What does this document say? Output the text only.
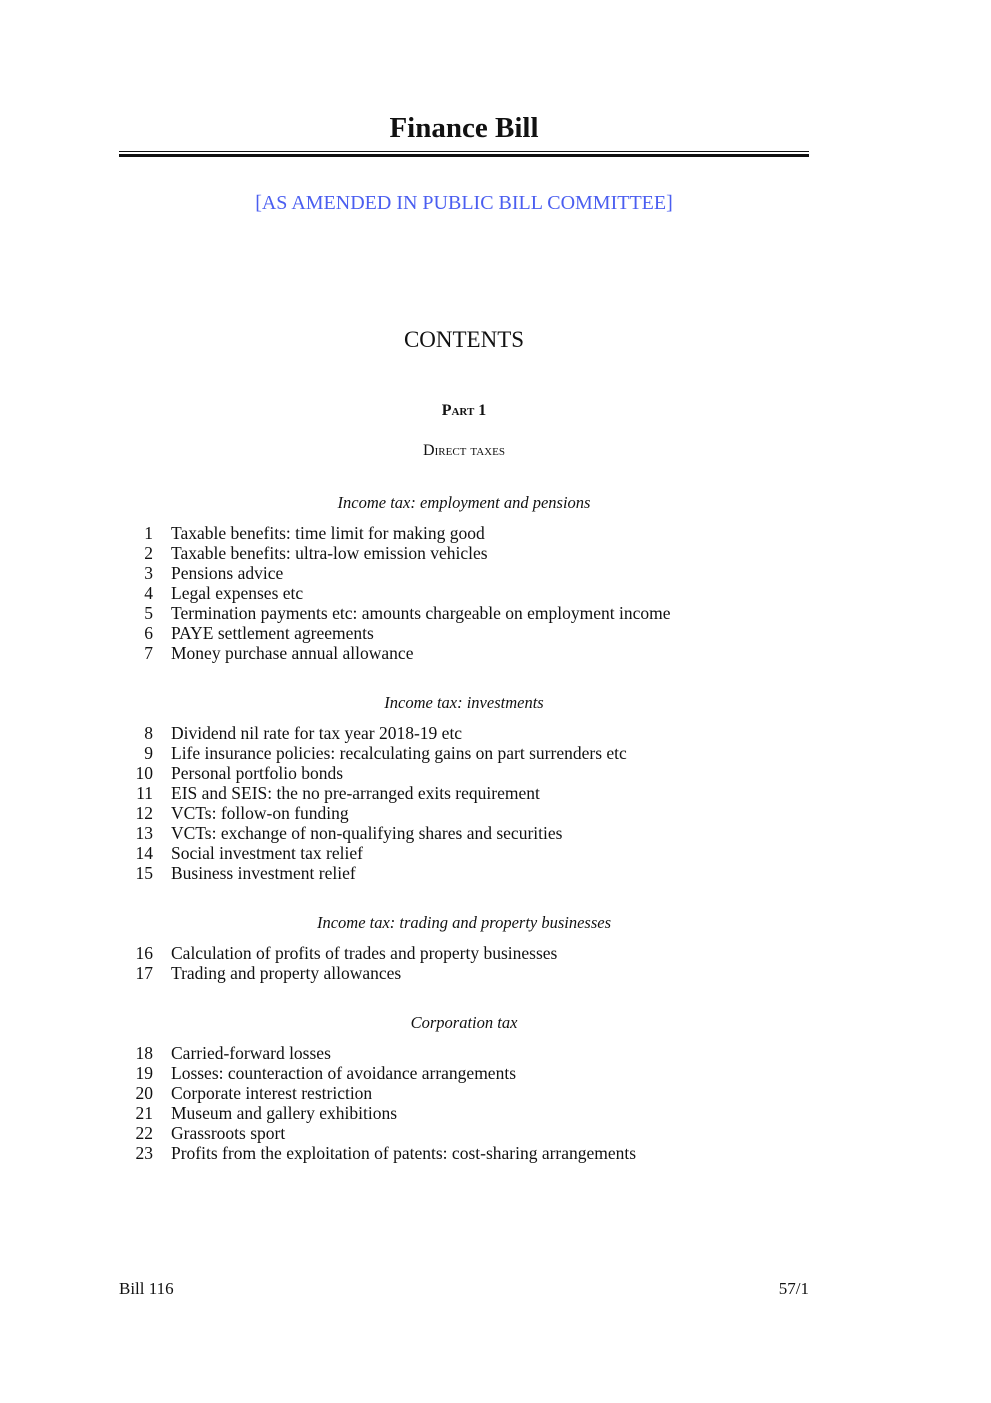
Finance Bill
[AS AMENDED IN PUBLIC BILL COMMITTEE]
CONTENTS
Part 1
Direct taxes
Income tax: employment and pensions
1	Taxable benefits: time limit for making good
2	Taxable benefits: ultra-low emission vehicles
3	Pensions advice
4	Legal expenses etc
5	Termination payments etc: amounts chargeable on employment income
6	PAYE settlement agreements
7	Money purchase annual allowance
Income tax: investments
8	Dividend nil rate for tax year 2018-19 etc
9	Life insurance policies: recalculating gains on part surrenders etc
10	Personal portfolio bonds
11	EIS and SEIS: the no pre-arranged exits requirement
12	VCTs: follow-on funding
13	VCTs: exchange of non-qualifying shares and securities
14	Social investment tax relief
15	Business investment relief
Income tax: trading and property businesses
16	Calculation of profits of trades and property businesses
17	Trading and property allowances
Corporation tax
18	Carried-forward losses
19	Losses: counteraction of avoidance arrangements
20	Corporate interest restriction
21	Museum and gallery exhibitions
22	Grassroots sport
23	Profits from the exploitation of patents: cost-sharing arrangements
Bill 116	57/1
